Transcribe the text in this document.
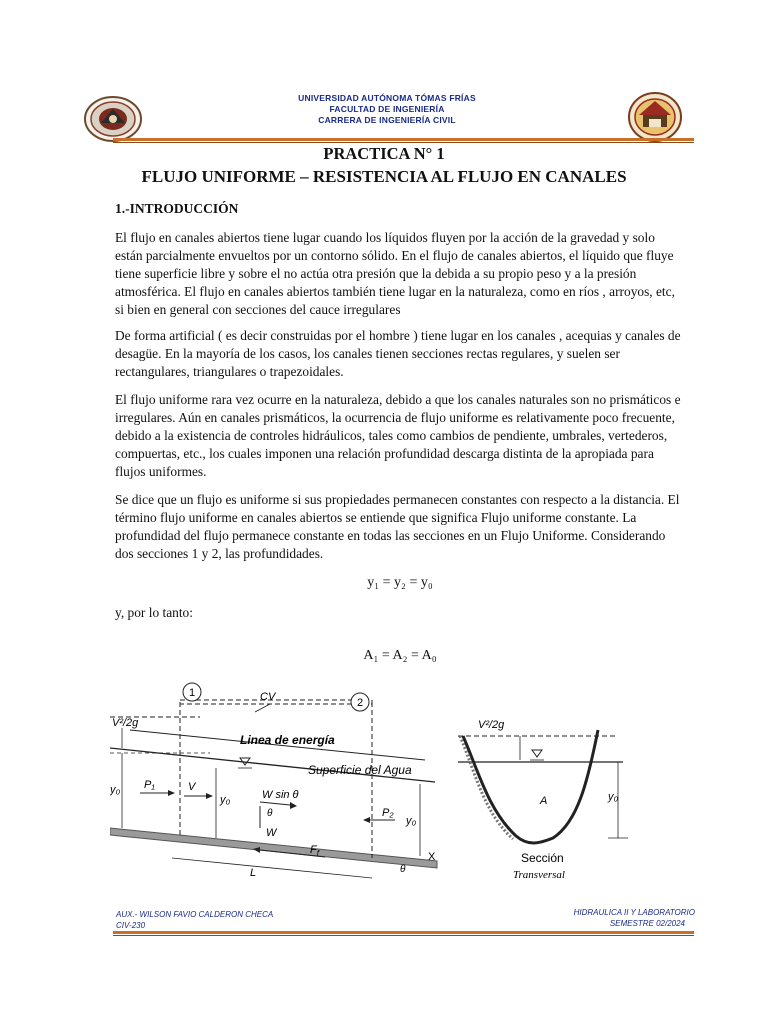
UNIVERSIDAD AUTÓNOMA TÓMAS FRÍAS
FACULTAD DE INGENIERÍA
CARRERA DE INGENIERÍA CIVIL
PRACTICA N° 1
FLUJO UNIFORME – RESISTENCIA AL FLUJO EN CANALES
1.-INTRODUCCIÓN

El flujo en canales abiertos tiene lugar cuando los líquidos fluyen por la acción de la gravedad y solo están parcialmente envueltos por un contorno sólido. En el flujo de canales abiertos, el líquido que fluye tiene superficie libre y sobre el no actúa otra presión que la debida a su propio peso y a la presión atmosférica. El flujo en canales abiertos también tiene lugar en la naturaleza, como en ríos , arroyos, etc, si bien en general con secciones del cauce irregulares

De forma artificial ( es decir construidas por el hombre ) tiene lugar en los canales , acequias y canales de desagüe. En la mayoría de los casos, los canales tienen secciones rectas regulares, y suelen ser rectangulares, triangulares o trapezoidales.

El flujo uniforme rara vez ocurre en la naturaleza, debido a que los canales naturales son no prismáticos e irregulares. Aún en canales prismáticos, la ocurrencia de flujo uniforme es relativamente poco frecuente, debido a la existencia de controles hidráulicos, tales como cambios de pendiente, umbrales, vertederos, compuertas, etc., los cuales imponen una relación profundidad descarga distinta de la apropiada para flujos uniformes.

Se dice que un flujo es uniforme si sus propiedades permanecen constantes con respecto a la distancia. El término flujo uniforme en canales abiertos se entiende que significa Flujo uniforme constante. La profundidad del flujo permanece constante en todas las secciones en un Flujo Uniforme. Considerando dos secciones 1 y 2, las profundidades.

y₁ = y₂ = y₀
y, por lo tanto:
A₁ = A₂ = A₀
1
2
CV
V²/2g
Linea de energía
Superficie del Agua
y₀ P₁	V
y₀	W sin θ
θ
W
P₂
y₀
$F_f$
L
X
θ
V²/2g
A	y₀
Sección
Transversal
AUX.- WILSON FAVIO CALDERON CHECA
CIV-230
HIDRAULICA II Y LABORATORIO
SEMESTRE 02/2024
